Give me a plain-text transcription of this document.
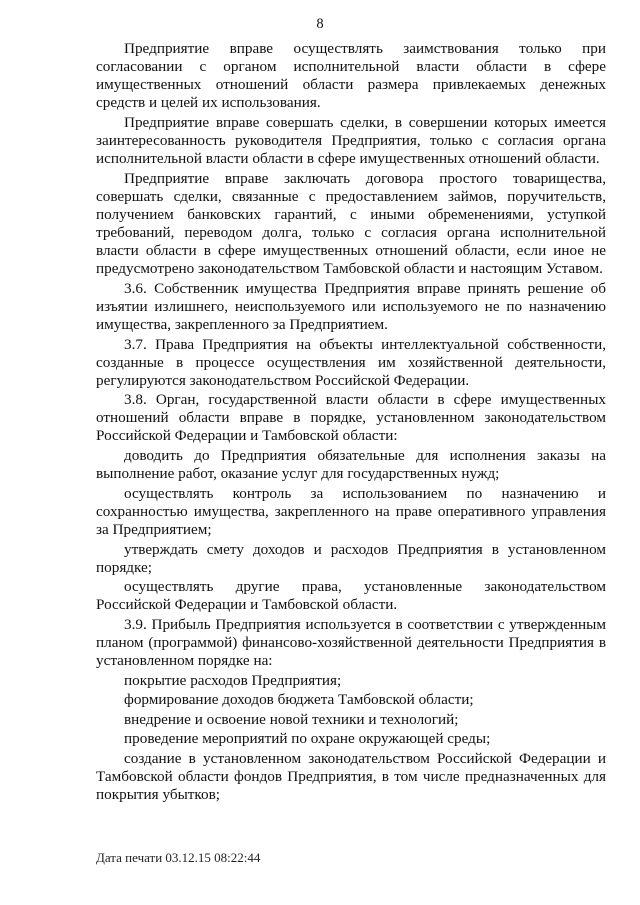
8

Предприятие вправе осуществлять заимствования только при согласовании с органом исполнительной власти области в сфере имущественных отношений области размера привлекаемых денежных средств и целей их использования.

Предприятие вправе совершать сделки, в совершении которых имеется заинтересованность руководителя Предприятия, только с согласия органа исполнительной власти области в сфере имущественных отношений области.

Предприятие вправе заключать договора простого товарищества, совершать сделки, связанные с предоставлением займов, поручительств, получением банковских гарантий, с иными обременениями, уступкой требований, переводом долга, только с согласия органа исполнительной власти области в сфере имущественных отношений области, если иное не предусмотрено законодательством Тамбовской области и настоящим Уставом.

3.6. Собственник имущества Предприятия вправе принять решение об изъятии излишнего, неиспользуемого или используемого не по назначению имущества, закрепленного за Предприятием.

3.7. Права Предприятия на объекты интеллектуальной собственности, созданные в процессе осуществления им хозяйственной деятельности, регулируются законодательством Российской Федерации.

3.8. Орган, государственной власти области в сфере имущественных отношений области вправе в порядке, установленном законодательством Российской Федерации и Тамбовской области:

доводить до Предприятия обязательные для исполнения заказы на выполнение работ, оказание услуг для государственных нужд;

осуществлять контроль за использованием по назначению и сохранностью имущества, закрепленного на праве оперативного управления за Предприятием;

утверждать смету доходов и расходов Предприятия в установленном порядке;

осуществлять другие права, установленные законодательством Российской Федерации и Тамбовской области.

3.9. Прибыль Предприятия используется в соответствии с утвержденным планом (программой) финансово-хозяйственной деятельности Предприятия в установленном порядке на:

покрытие расходов Предприятия;

формирование доходов бюджета Тамбовской области;

внедрение и освоение новой техники и технологий;

проведение мероприятий по охране окружающей среды;

создание в установленном законодательством Российской Федерации и Тамбовской области фондов Предприятия, в том числе предназначенных для покрытия убытков;

Дата печати 03.12.15 08:22:44
